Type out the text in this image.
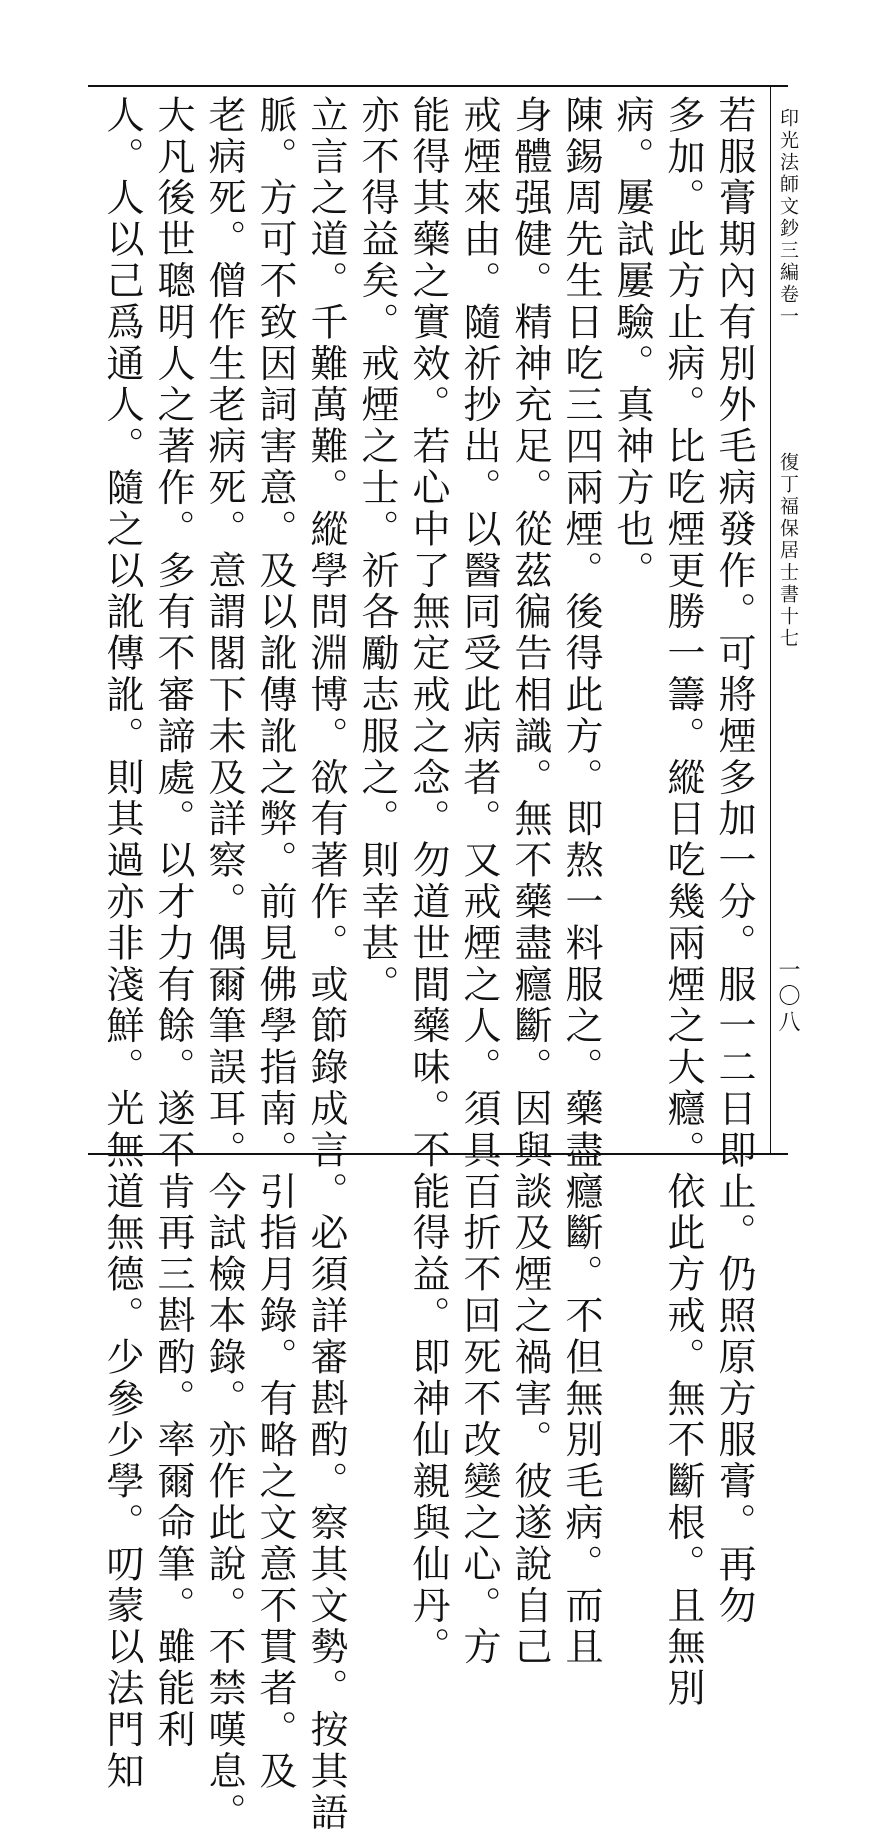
印光法師文鈔三編卷一
復丁福保居士書十七
一〇八
若服膏期內有別外毛病發作。可將煙多加一分。服一二日即止。仍照原方服膏。再勿
多加。此方止病。比吃煙更勝一籌。縱日吃幾兩煙之大癮。依此方戒。無不斷根。且無別
病。屢試屢驗。真神方也。
陳錫周先生日吃三四兩煙。後得此方。即熬一料服之。藥盡癮斷。不但無別毛病。而且
身體强健。精神充足。從茲徧告相識。無不藥盡癮斷。因與談及煙之禍害。彼遂說自己
戒煙來由。隨祈抄出。以醫同受此病者。又戒煙之人。須具百折不回死不改變之心。方
能得其藥之實效。若心中了無定戒之念。勿道世間藥味。不能得益。即神仙親與仙丹。
亦不得益矣。戒煙之士。祈各勵志服之。則幸甚。
立言之道。千難萬難。縱學問淵博。欲有著作。或節錄成言。必須詳審斟酌。察其文勢。按其語
脈。方可不致因詞害意。及以訛傳訛之弊。前見佛學指南。引指月錄。有略之文意不貫者。及
老病死。僧作生老病死。意謂閣下未及詳察。偶爾筆誤耳。今試檢本錄。亦作此說。不禁嘆息。
大凡後世聰明人之著作。多有不審諦處。以才力有餘。遂不肯再三斟酌。率爾命筆。雖能利
人。人以己爲通人。隨之以訛傳訛。則其過亦非淺鮮。光無道無德。少參少學。叨蒙以法門知
